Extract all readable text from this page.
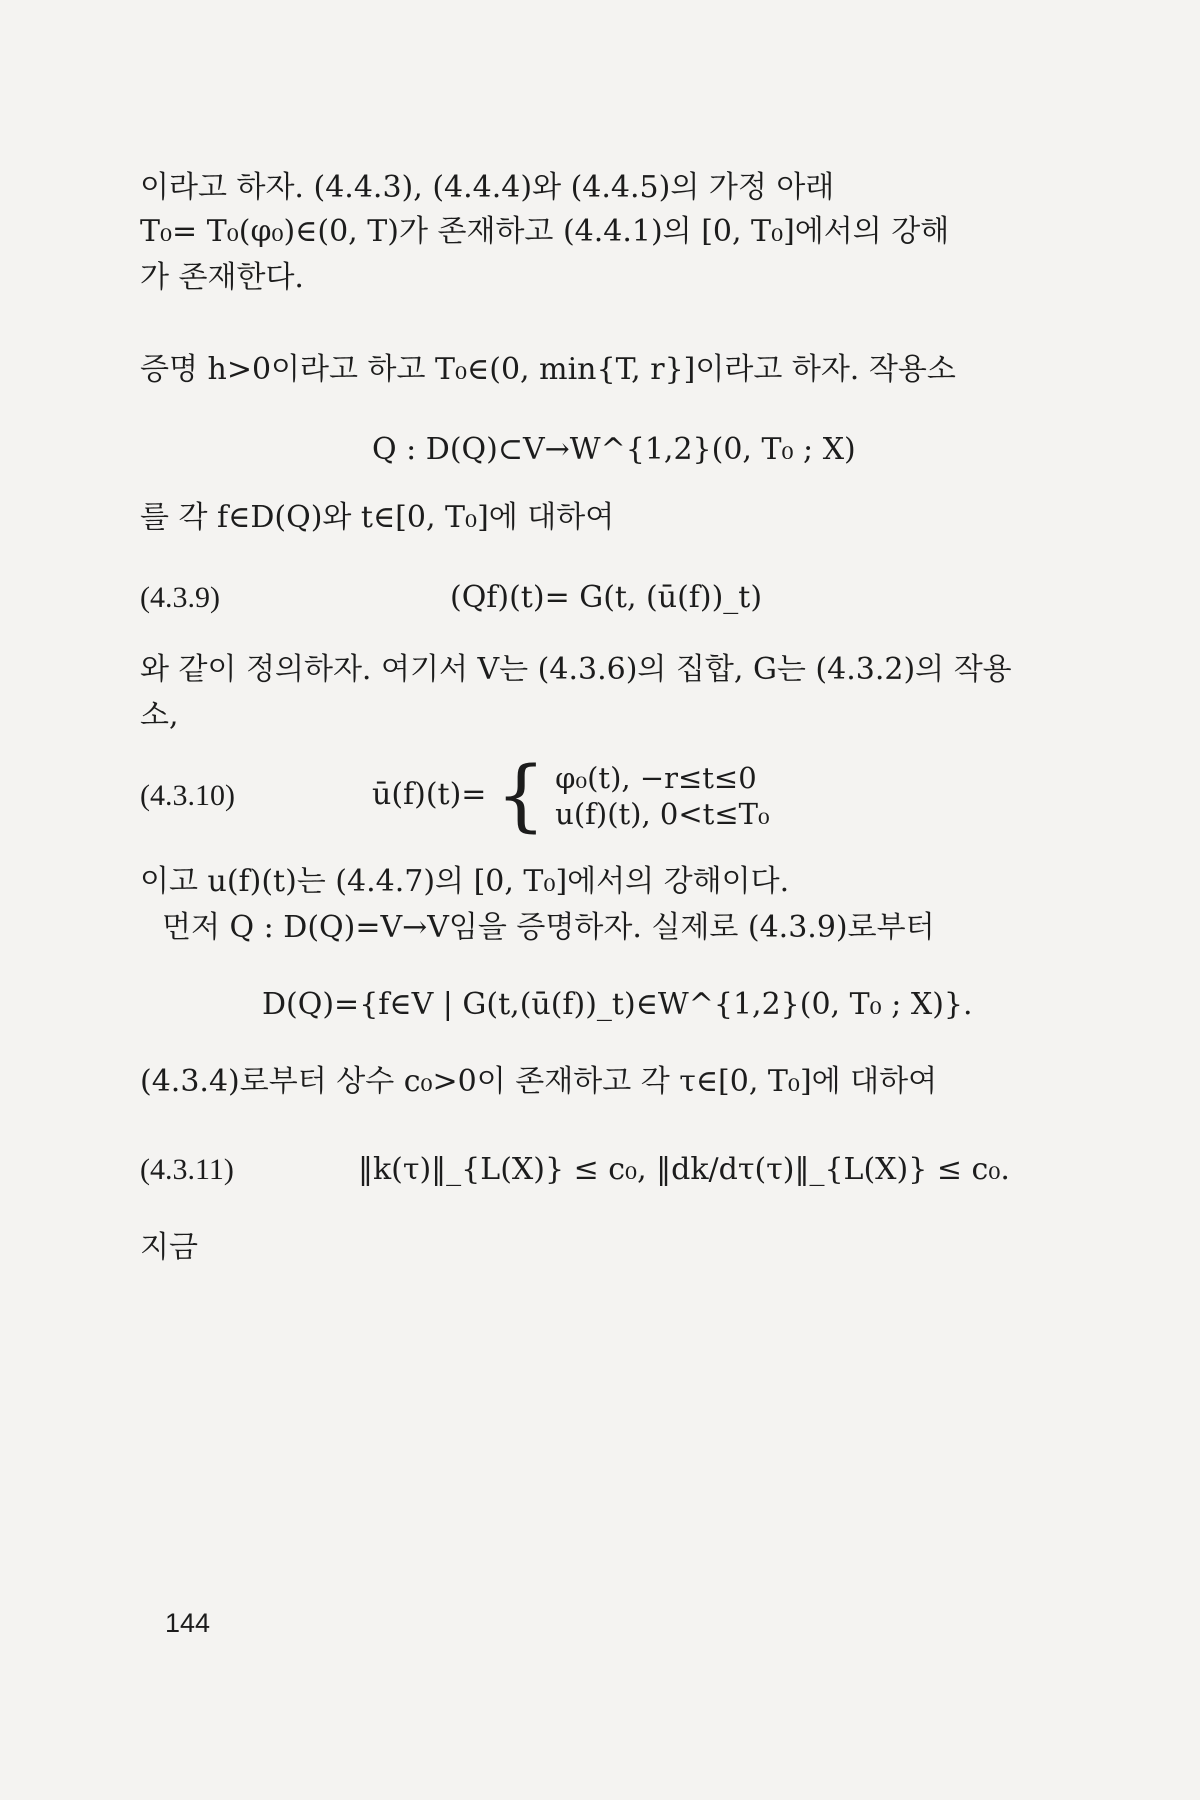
이라고 하자. (4.4.3), (4.4.4)와 (4.4.5)의 가정 아래
T₀= T₀(φ₀)∈(0, T)가 존재하고 (4.4.1)의 [0, T₀]에서의 강해
가 존재한다.
증명 h>0이라고 하고 T₀∈(0, min{T, r}]이라고 하자. 작용소
Q : D(Q)⊂V→W^{1,2}(0, T₀ ; X)
를 각 f∈D(Q)와 t∈[0, T₀]에 대하여
(4.3.9)	(Qf)(t)= G(t, (ū(f))_t)
와 같이 정의하자. 여기서 V는 (4.3.6)의 집합, G는 (4.3.2)의 작용
소,
(4.3.10)	ū(f)(t)= { φ₀(t), −r≤t≤0
u(f)(t), 0<t≤T₀
이고 u(f)(t)는 (4.4.7)의 [0, T₀]에서의 강해이다.
먼저 Q : D(Q)=V→V임을 증명하자. 실제로 (4.3.9)로부터
D(Q)={f∈V | G(t,(ū(f))_t)∈W^{1,2}(0, T₀ ; X)}.
(4.3.4)로부터 상수 c₀>0이 존재하고 각 τ∈[0, T₀]에 대하여
(4.3.11)	‖k(τ)‖_{L(X)} ≤ c₀, ‖dk/dτ(τ)‖_{L(X)} ≤ c₀.
지금
144
